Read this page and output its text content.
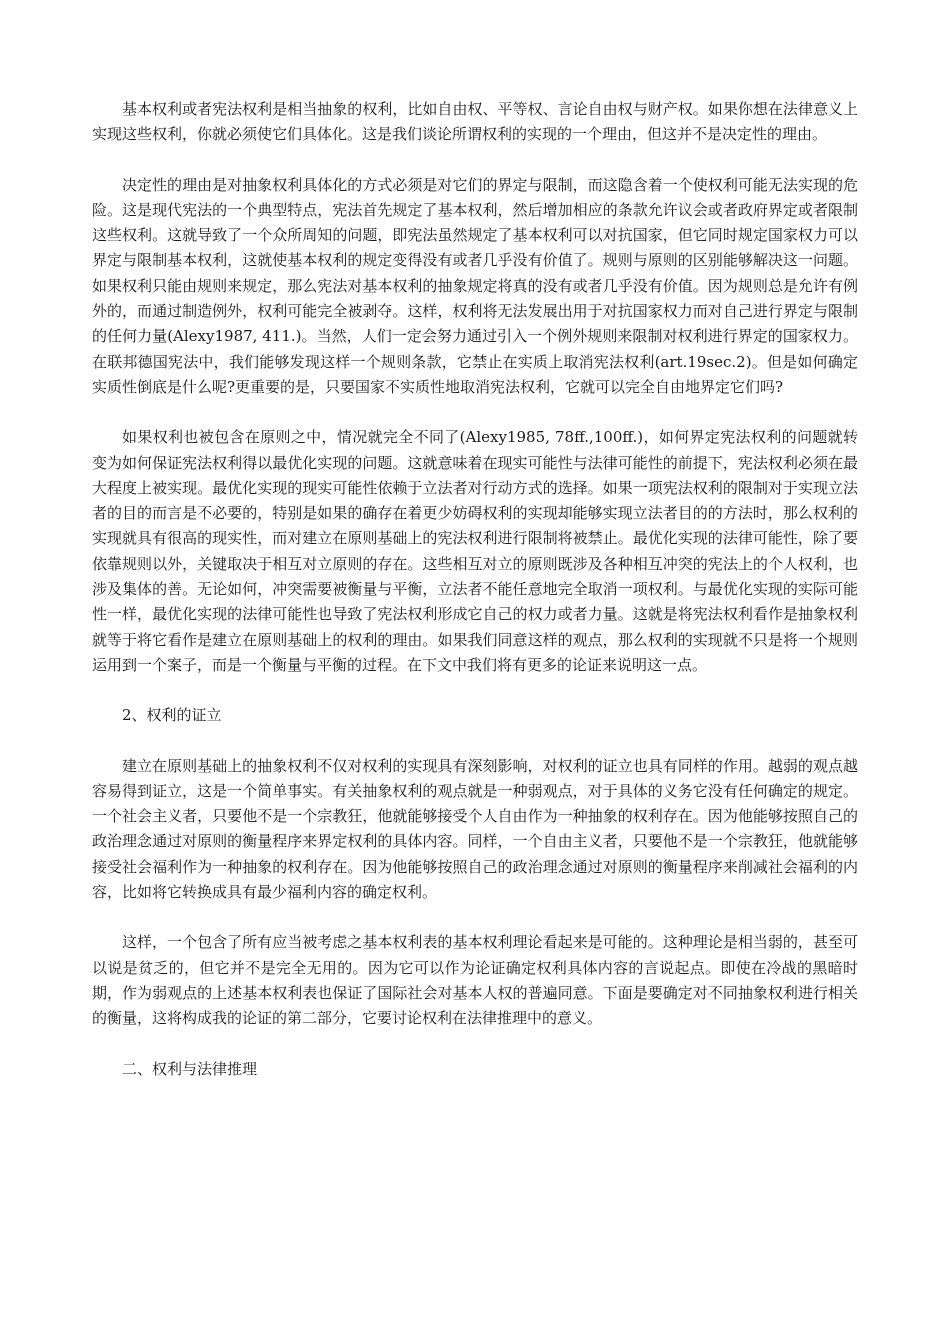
基本权利或者宪法权利是相当抽象的权利，比如自由权、平等权、言论自由权与财产权。如果你想在法律意义上实现这些权利，你就必须使它们具体化。这是我们谈论所谓权利的实现的一个理由，但这并不是决定性的理由。

决定性的理由是对抽象权利具体化的方式必须是对它们的界定与限制，而这隐含着一个使权利可能无法实现的危险。这是现代宪法的一个典型特点，宪法首先规定了基本权利，然后增加相应的条款允许议会或者政府界定或者限制这些权利。这就导致了一个众所周知的问题，即宪法虽然规定了基本权利可以对抗国家，但它同时规定国家权力可以界定与限制基本权利，这就使基本权利的规定变得没有或者几乎没有价值了。规则与原则的区别能够解决这一问题。如果权利只能由规则来规定，那么宪法对基本权利的抽象规定将真的没有或者几乎没有价值。因为规则总是允许有例外的，而通过制造例外，权利可能完全被剥夺。这样，权利将无法发展出用于对抗国家权力而对自己进行界定与限制的任何力量(Alexy1987, 411.)。当然，人们一定会努力通过引入一个例外规则来限制对权利进行界定的国家权力。在联邦德国宪法中，我们能够发现这样一个规则条款，它禁止在实质上取消宪法权利(art.19sec.2)。但是如何确定实质性倒底是什么呢?更重要的是，只要国家不实质性地取消宪法权利，它就可以完全自由地界定它们吗?

如果权利也被包含在原则之中，情况就完全不同了(Alexy1985, 78ff.,100ff.)，如何界定宪法权利的问题就转变为如何保证宪法权利得以最优化实现的问题。这就意味着在现实可能性与法律可能性的前提下，宪法权利必须在最大程度上被实现。最优化实现的现实可能性依赖于立法者对行动方式的选择。如果一项宪法权利的限制对于实现立法者的目的而言是不必要的，特别是如果的确存在着更少妨碍权利的实现却能够实现立法者目的的方法时，那么权利的实现就具有很高的现实性，而对建立在原则基础上的宪法权利进行限制将被禁止。最优化实现的法律可能性，除了要依靠规则以外，关键取决于相互对立原则的存在。这些相互对立的原则既涉及各种相互冲突的宪法上的个人权利，也涉及集体的善。无论如何，冲突需要被衡量与平衡，立法者不能任意地完全取消一项权利。与最优化实现的实际可能性一样，最优化实现的法律可能性也导致了宪法权利形成它自己的权力或者力量。这就是将宪法权利看作是抽象权利就等于将它看作是建立在原则基础上的权利的理由。如果我们同意这样的观点，那么权利的实现就不只是将一个规则运用到一个案子，而是一个衡量与平衡的过程。在下文中我们将有更多的论证来说明这一点。

2、权利的证立

建立在原则基础上的抽象权利不仅对权利的实现具有深刻影响，对权利的证立也具有同样的作用。越弱的观点越容易得到证立，这是一个简单事实。有关抽象权利的观点就是一种弱观点，对于具体的义务它没有任何确定的规定。一个社会主义者，只要他不是一个宗教狂，他就能够接受个人自由作为一种抽象的权利存在。因为他能够按照自己的政治理念通过对原则的衡量程序来界定权利的具体内容。同样，一个自由主义者，只要他不是一个宗教狂，他就能够接受社会福利作为一种抽象的权利存在。因为他能够按照自己的政治理念通过对原则的衡量程序来削减社会福利的内容，比如将它转换成具有最少福利内容的确定权利。

这样，一个包含了所有应当被考虑之基本权利表的基本权利理论看起来是可能的。这种理论是相当弱的，甚至可以说是贫乏的，但它并不是完全无用的。因为它可以作为论证确定权利具体内容的言说起点。即使在冷战的黑暗时期，作为弱观点的上述基本权利表也保证了国际社会对基本人权的普遍同意。下面是要确定对不同抽象权利进行相关的衡量，这将构成我的论证的第二部分，它要讨论权利在法律推理中的意义。

二、权利与法律推理
